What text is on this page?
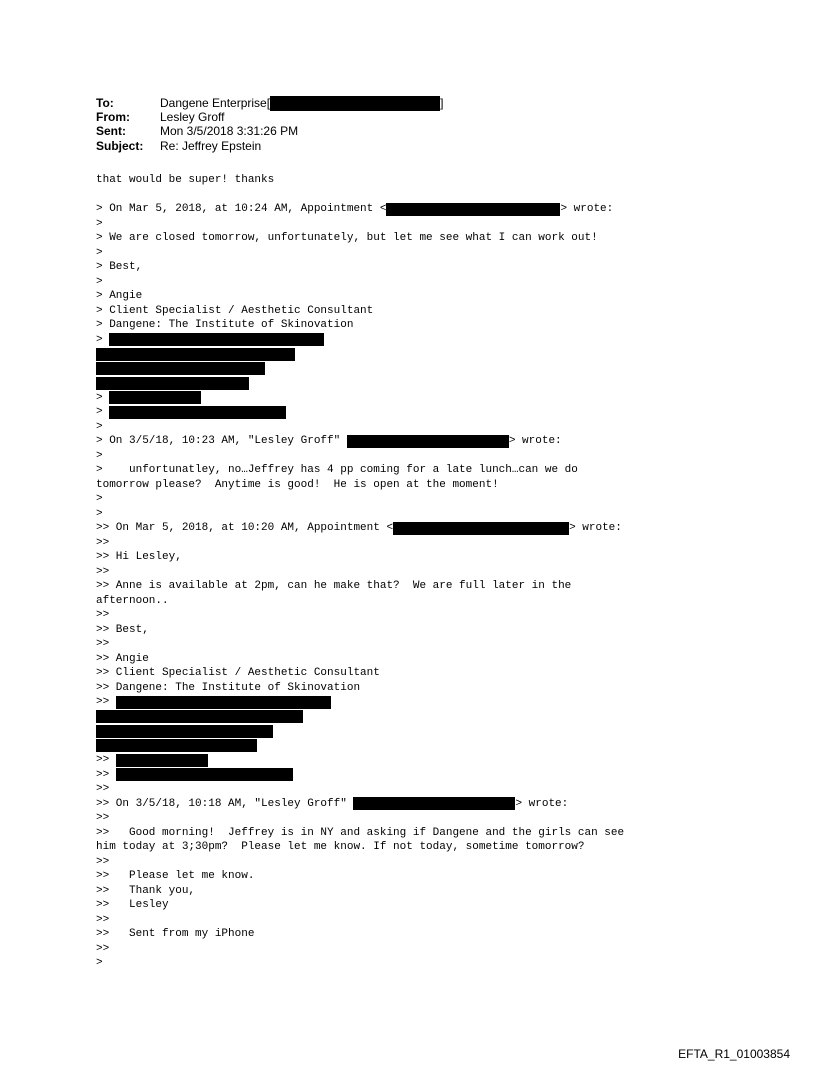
To:	Dangene Enterprise[	]
From:	Lesley Groff
Sent:	Mon 3/5/2018 3:31:26 PM
Subject:	Re: Jeffrey Epstein
that would be super! thanks
> On Mar 5, 2018, at 10:24 AM, Appointment <	> wrote:
>
> We are closed tomorrow, unfortunately, but let me see what I can work out!
>
> Best,
>
> Angie
> Client Specialist / Aesthetic Consultant
> Dangene: The Institute of Skinovation
>
>
>
>
> On 3/5/18, 10:23 AM, "Lesley Groff"	> wrote:
>
>    unfortunatley, no…Jeffrey has 4 pp coming for a late lunch…can we do
tomorrow please?  Anytime is good!  He is open at the moment!
>
>
>> On Mar 5, 2018, at 10:20 AM, Appointment <	> wrote:
>>
>> Hi Lesley,
>>
>> Anne is available at 2pm, can he make that?  We are full later in the
afternoon..
>>
>> Best,
>>
>> Angie
>> Client Specialist / Aesthetic Consultant
>> Dangene: The Institute of Skinovation
>>
>>
>>
>>
>> On 3/5/18, 10:18 AM, "Lesley Groff"	> wrote:
>>
>>   Good morning!  Jeffrey is in NY and asking if Dangene and the girls can see
him today at 3;30pm?  Please let me know. If not today, sometime tomorrow?
>>
>>   Please let me know.
>>   Thank you,
>>   Lesley
>>
>>   Sent from my iPhone
>>
>
EFTA_R1_01003854
